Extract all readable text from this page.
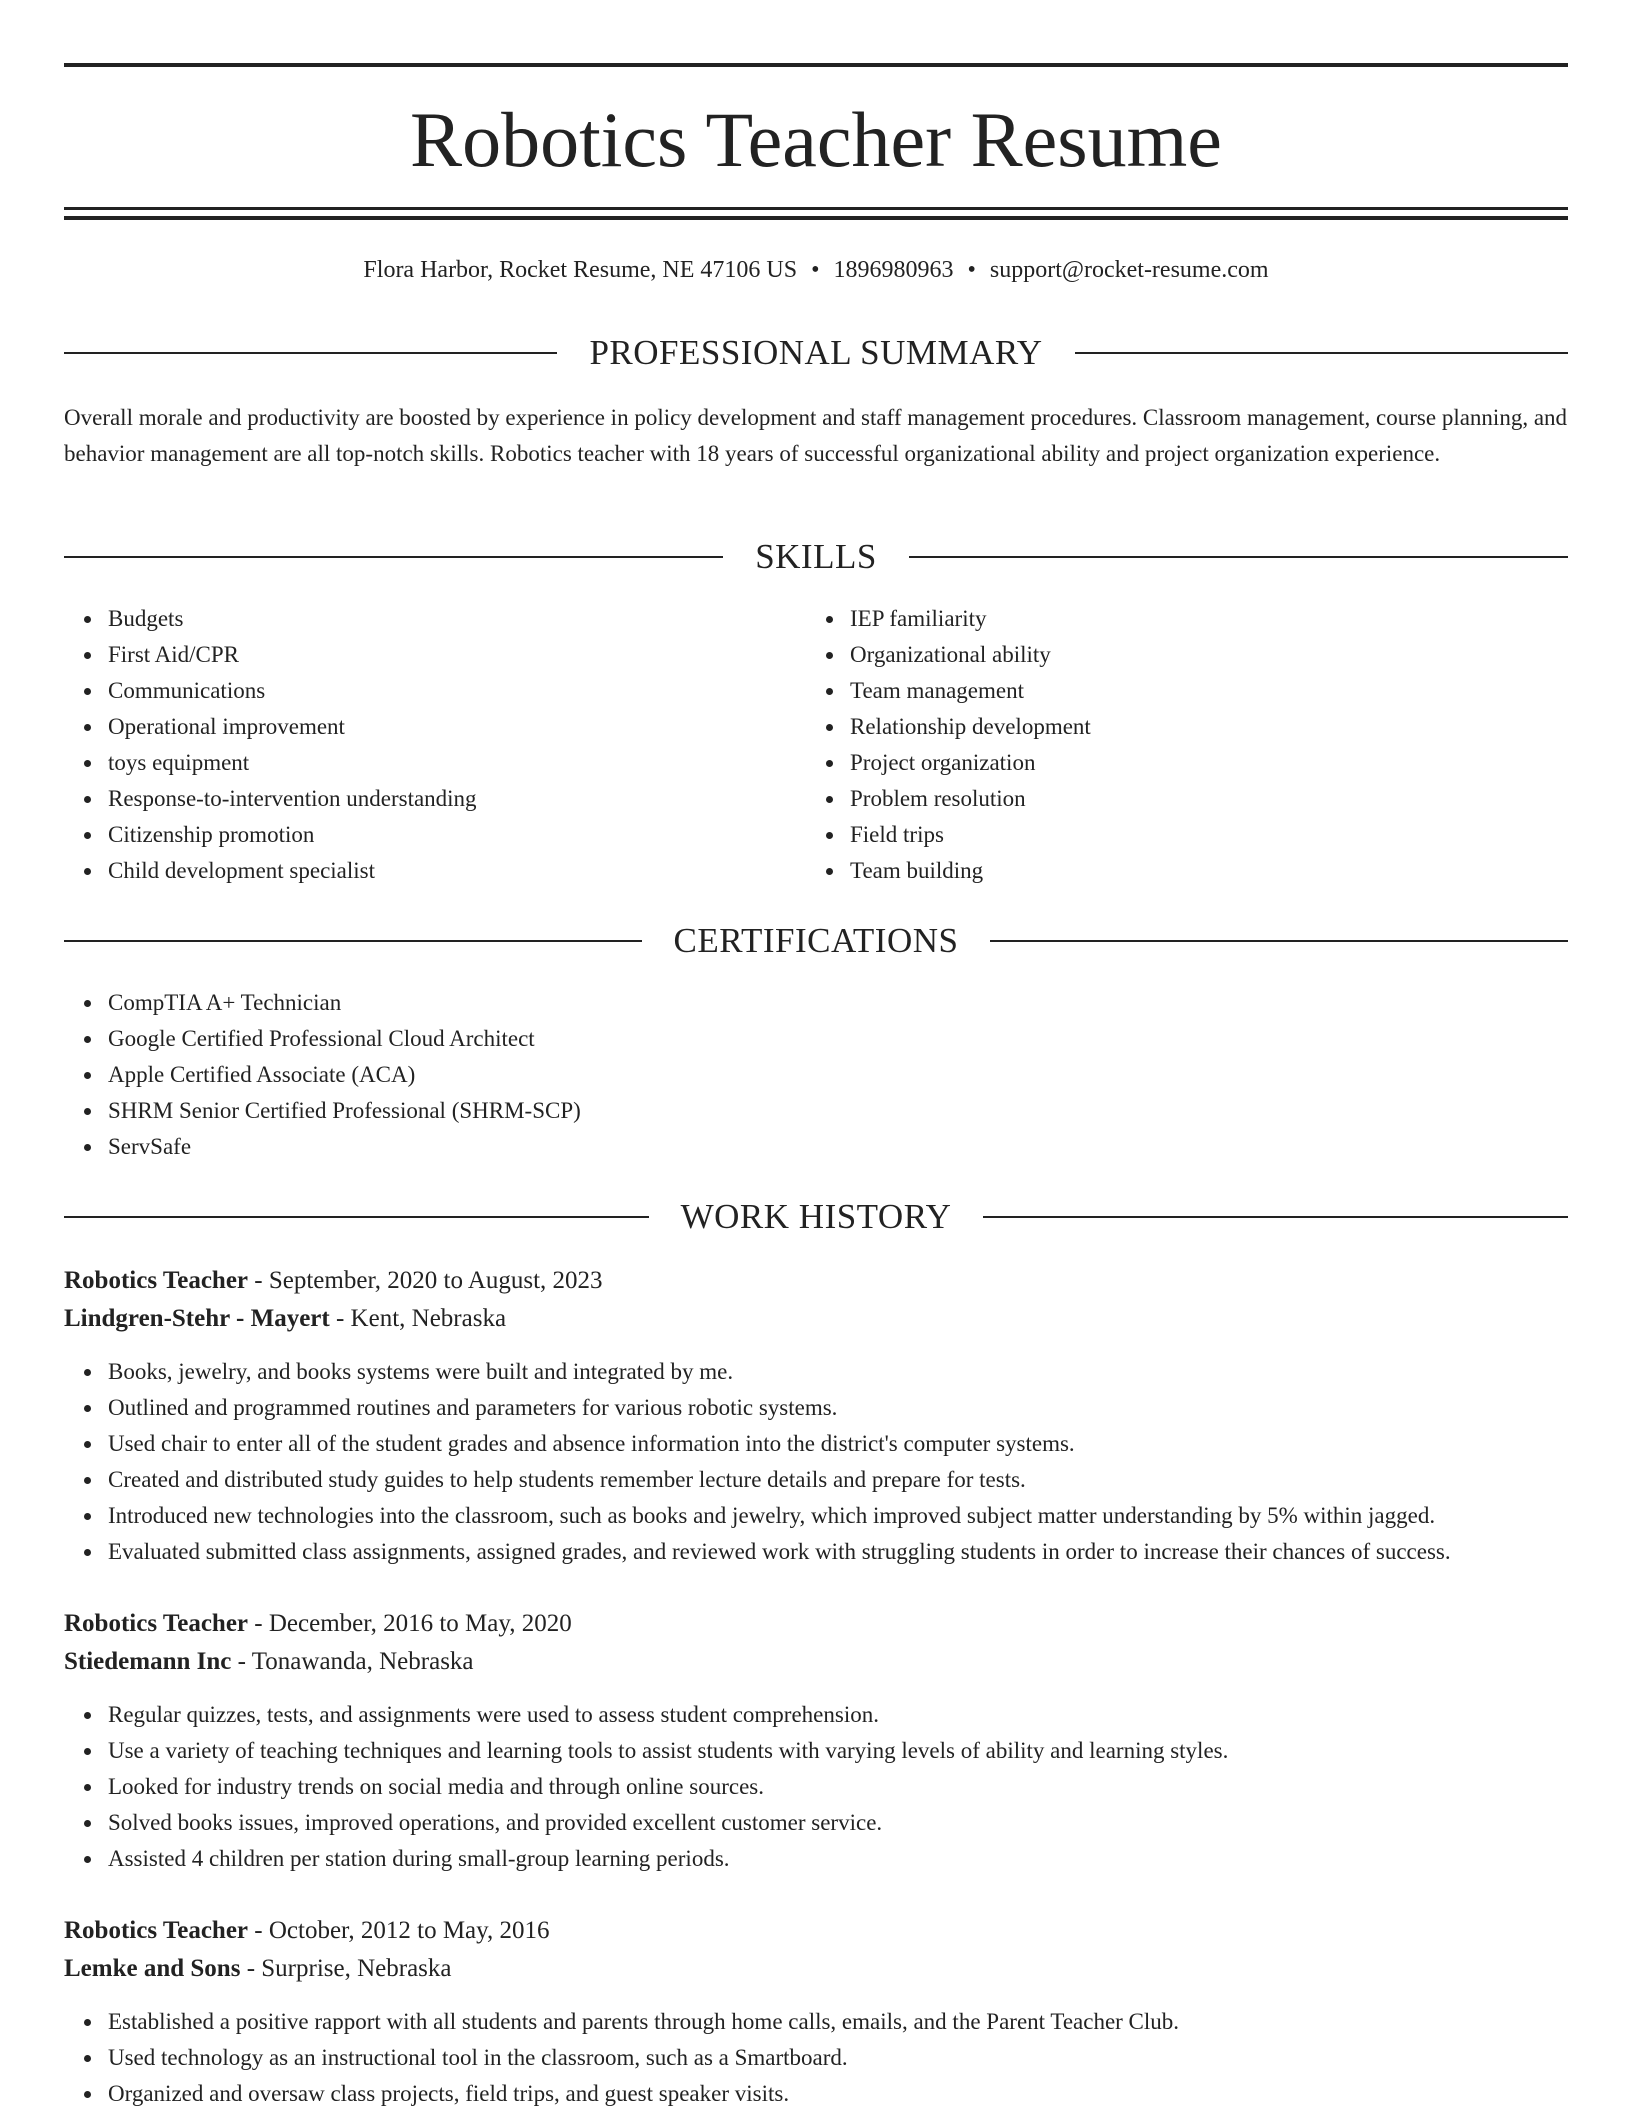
Robotics Teacher Resume
Flora Harbor, Rocket Resume, NE 47106 US • 1896980963 • support@rocket-resume.com
PROFESSIONAL SUMMARY

Overall morale and productivity are boosted by experience in policy development and staff management procedures. Classroom management, course planning, and behavior management are all top-notch skills. Robotics teacher with 18 years of successful organizational ability and project organization experience.

SKILLS
Budgets
First Aid/CPR
Communications
Operational improvement
toys equipment
Response-to-intervention understanding
Citizenship promotion
Child development specialist
IEP familiarity
Organizational ability
Team management
Relationship development
Project organization
Problem resolution
Field trips
Team building
CERTIFICATIONS
CompTIA A+ Technician
Google Certified Professional Cloud Architect
Apple Certified Associate (ACA)
SHRM Senior Certified Professional (SHRM-SCP)
ServSafe
WORK HISTORY
Robotics Teacher - September, 2020 to August, 2023
Lindgren-Stehr - Mayert - Kent, Nebraska
Books, jewelry, and books systems were built and integrated by me.
Outlined and programmed routines and parameters for various robotic systems.
Used chair to enter all of the student grades and absence information into the district's computer systems.
Created and distributed study guides to help students remember lecture details and prepare for tests.
Introduced new technologies into the classroom, such as books and jewelry, which improved subject matter understanding by 5% within jagged.
Evaluated submitted class assignments, assigned grades, and reviewed work with struggling students in order to increase their chances of success.
Robotics Teacher - December, 2016 to May, 2020
Stiedemann Inc - Tonawanda, Nebraska
Regular quizzes, tests, and assignments were used to assess student comprehension.
Use a variety of teaching techniques and learning tools to assist students with varying levels of ability and learning styles.
Looked for industry trends on social media and through online sources.
Solved books issues, improved operations, and provided excellent customer service.
Assisted 4 children per station during small-group learning periods.
Robotics Teacher - October, 2012 to May, 2016
Lemke and Sons - Surprise, Nebraska
Established a positive rapport with all students and parents through home calls, emails, and the Parent Teacher Club.
Used technology as an instructional tool in the classroom, such as a Smartboard.
Organized and oversaw class projects, field trips, and guest speaker visits.
